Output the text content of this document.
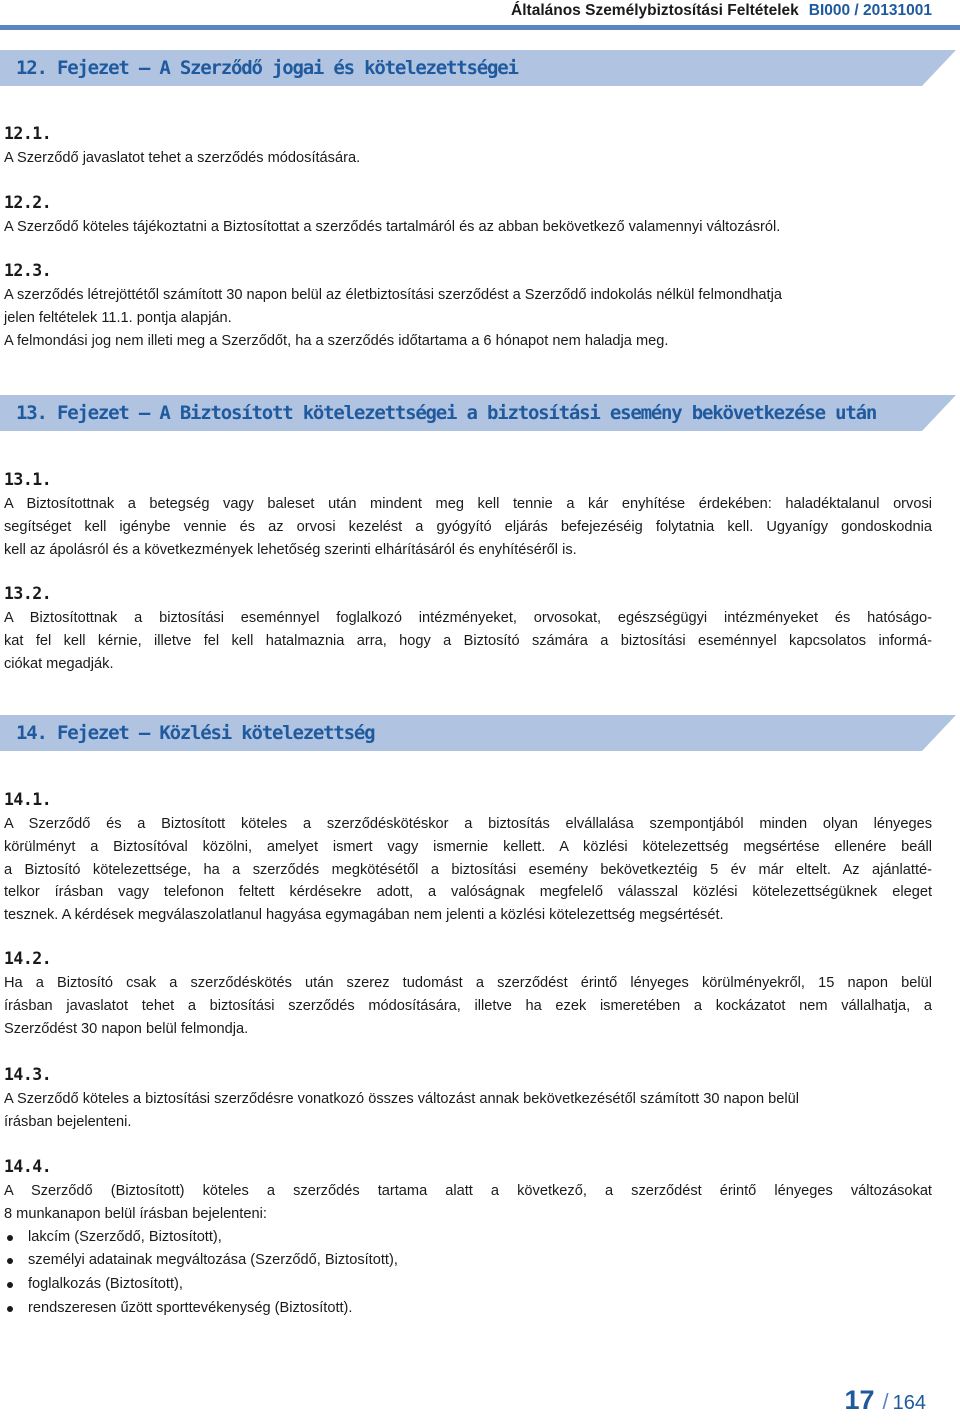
Általános Személybiztosítási Feltételek BI000 / 20131001
12. Fejezet – A Szerződő jogai és kötelezettségei
12.1.
A Szerződő javaslatot tehet a szerződés módosítására.
12.2.
A Szerződő köteles tájékoztatni a Biztosítottat a szerződés tartalmáról és az abban bekövetkező valamennyi változásról.
12.3.
A szerződés létrejöttétől számított 30 napon belül az életbiztosítási szerződést a Szerződő indokolás nélkül felmondhatja
jelen feltételek 11.1. pontja alapján.
A felmondási jog nem illeti meg a Szerződőt, ha a szerződés időtartama a 6 hónapot nem haladja meg.
13. Fejezet – A Biztosított kötelezettségei a biztosítási esemény bekövetkezése után
13.1.
A Biztosítottnak a betegség vagy baleset után mindent meg kell tennie a kár enyhítése érdekében: haladéktalanul orvosi
segítséget kell igénybe vennie és az orvosi kezelést a gyógyító eljárás befejezéséig folytatnia kell. Ugyanígy gondoskodnia
kell az ápolásról és a következmények lehetőség szerinti elhárításáról és enyhítéséről is.
13.2.
A Biztosítottnak a biztosítási eseménnyel foglalkozó intézményeket, orvosokat, egészségügyi intézményeket és hatóságo-
kat fel kell kérnie, illetve fel kell hatalmaznia arra, hogy a Biztosító számára a biztosítási eseménnyel kapcsolatos informá-
ciókat megadják.
14. Fejezet – Közlési kötelezettség
14.1.
A Szerződő és a Biztosított köteles a szerződéskötéskor a biztosítás elvállalása szempontjából minden olyan lényeges
körülményt a Biztosítóval közölni, amelyet ismert vagy ismernie kellett. A közlési kötelezettség megsértése ellenére beáll
a Biztosító kötelezettsége, ha a szerződés megkötésétől a biztosítási esemény bekövetkeztéig 5 év már eltelt. Az ajánlatté-
telkor írásban vagy telefonon feltett kérdésekre adott, a valóságnak megfelelő válasszal közlési kötelezettségüknek eleget
tesznek. A kérdések megválaszolatlanul hagyása egymagában nem jelenti a közlési kötelezettség megsértését.
14.2.
Ha a Biztosító csak a szerződéskötés után szerez tudomást a szerződést érintő lényeges körülményekről, 15 napon belül
írásban javaslatot tehet a biztosítási szerződés módosítására, illetve ha ezek ismeretében a kockázatot nem vállalhatja, a
Szerződést 30 napon belül felmondja.
14.3.
A Szerződő köteles a biztosítási szerződésre vonatkozó összes változást annak bekövetkezésétől számított 30 napon belül
írásban bejelenteni.
14.4.
A Szerződő (Biztosított) köteles a szerződés tartama alatt a következő, a szerződést érintő lényeges változásokat
8 munkanapon belül írásban bejelenteni:
lakcím (Szerződő, Biztosított),
személyi adatainak megváltozása (Szerződő, Biztosított),
foglalkozás (Biztosított),
rendszeresen űzött sporttevékenység (Biztosított).
17 / 164
